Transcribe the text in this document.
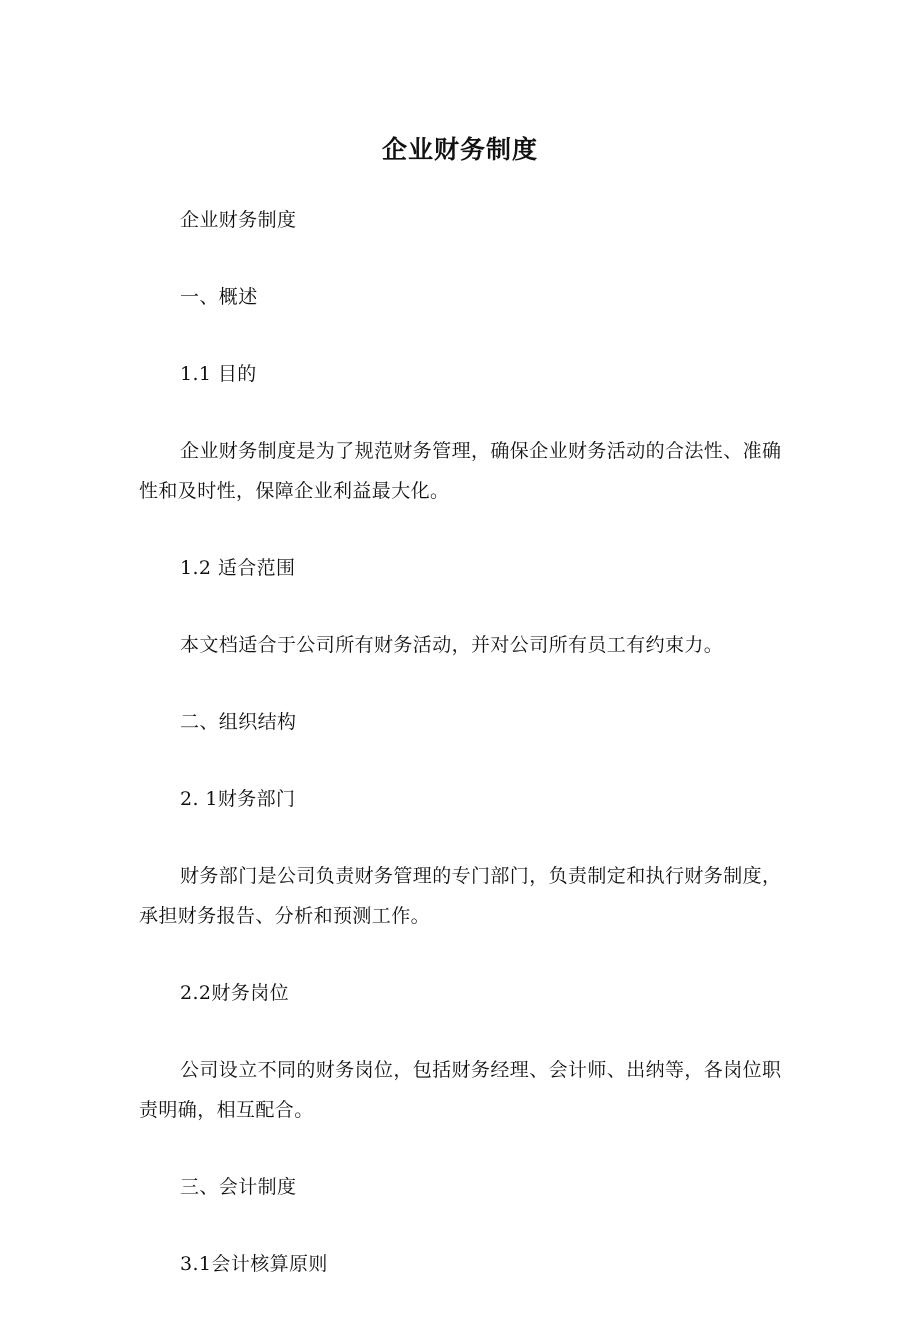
企业财务制度

企业财务制度

一、概述

1.1 目的

企业财务制度是为了规范财务管理，确保企业财务活动的合法性、准确性和及时性，保障企业利益最大化。

1.2 适合范围

本文档适合于公司所有财务活动，并对公司所有员工有约束力。

二、组织结构

2. 1财务部门

财务部门是公司负责财务管理的专门部门，负责制定和执行财务制度，承担财务报告、分析和预测工作。

2.2财务岗位

公司设立不同的财务岗位，包括财务经理、会计师、出纳等，各岗位职责明确，相互配合。

三、会计制度

3.1会计核算原则
